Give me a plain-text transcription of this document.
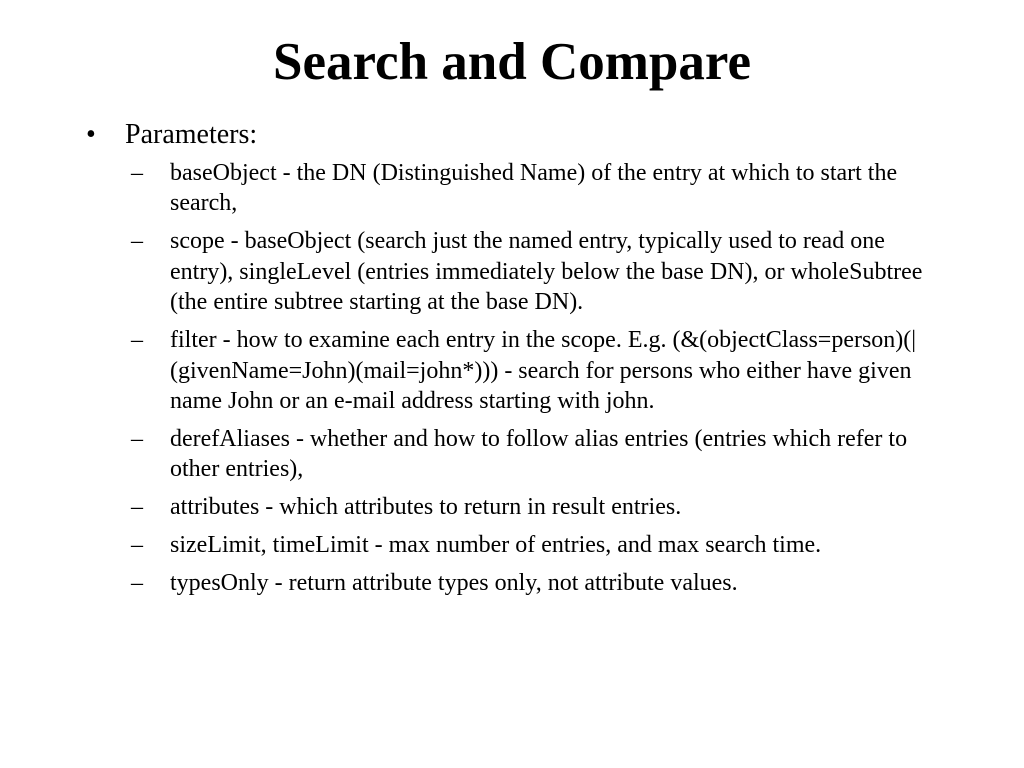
Search and Compare
• Parameters:
– baseObject - the DN (Distinguished Name) of the entry at which to start the search,
– scope - baseObject (search just the named entry, typically used to read one entry), singleLevel (entries immediately below the base DN), or wholeSubtree (the entire subtree starting at the base DN).
– filter - how to examine each entry in the scope. E.g. (&(objectClass=person)(|(givenName=John)(mail=john*))) - search for persons who either have given name John or an e-mail address starting with john.
– derefAliases - whether and how to follow alias entries (entries which refer to other entries),
– attributes - which attributes to return in result entries.
– sizeLimit, timeLimit - max number of entries, and max search time.
– typesOnly - return attribute types only, not attribute values.
